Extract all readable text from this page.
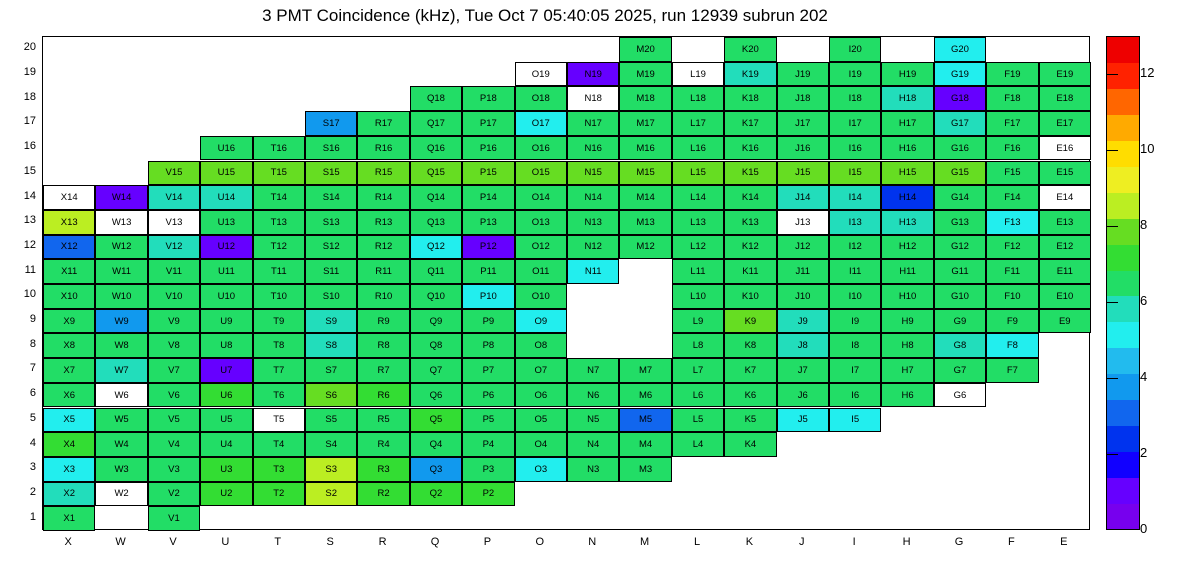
3 PMT Coincidence (kHz), Tue Oct 7 05:40:05 2025, run 12939 subrun 202
X1	V1
X2	W2	V2	U2	T2	S2	R2	Q2	P2
X3	W3	V3	U3	T3	S3	R3	Q3	P3	O3	N3	M3
X4	W4	V4	U4	T4	S4	R4	Q4	P4	O4	N4	M4	L4	K4
X5	W5	V5	U5	T5	S5	R5	Q5	P5	O5	N5	M5	L5	K5	J5	I5
X6	W6	V6	U6	T6	S6	R6	Q6	P6	O6	N6	M6	L6	K6	J6	I6	H6	G6
X7	W7	V7	U7	T7	S7	R7	Q7	P7	O7	N7	M7	L7	K7	J7	I7	H7	G7	F7
X8	W8	V8	U8	T8	S8	R8	Q8	P8	O8	L8	K8	J8	I8	H8	G8	F8
X9	W9	V9	U9	T9	S9	R9	Q9	P9	O9	L9	K9	J9	I9	H9	G9	F9	E9
X10	W10	V10	U10	T10	S10	R10	Q10	P10	O10	L10	K10	J10	I10	H10	G10	F10	E10
X11	W11	V11	U11	T11	S11	R11	Q11	P11	O11	N11	L11	K11	J11	I11	H11	G11	F11	E11
X12	W12	V12	U12	T12	S12	R12	Q12	P12	O12	N12	M12	L12	K12	J12	I12	H12	G12	F12	E12
X13	W13	V13	U13	T13	S13	R13	Q13	P13	O13	N13	M13	L13	K13	J13	I13	H13	G13	F13	E13
X14	W14	V14	U14	T14	S14	R14	Q14	P14	O14	N14	M14	L14	K14	J14	I14	H14	G14	F14	E14
V15	U15	T15	S15	R15	Q15	P15	O15	N15	M15	L15	K15	J15	I15	H15	G15	F15	E15
U16	T16	S16	R16	Q16	P16	O16	N16	M16	L16	K16	J16	I16	H16	G16	F16	E16
S17	R17	Q17	P17	O17	N17	M17	L17	K17	J17	I17	H17	G17	F17	E17
Q18	P18	O18	N18	M18	L18	K18	J18	I18	H18	G18	F18	E18
O19	N19	M19	L19	K19	J19	I19	H19	G19	F19	E19
M20	K20	I20	G20
1
2
3
4
5
6
7
8
9
10
11
12
13
14
15
16
17
18
19
20
X	W	V	U	T	S	R	Q	P	O	N	M	L	K	J	I	H	G	F	E
0
2
4
6
8
10
12
